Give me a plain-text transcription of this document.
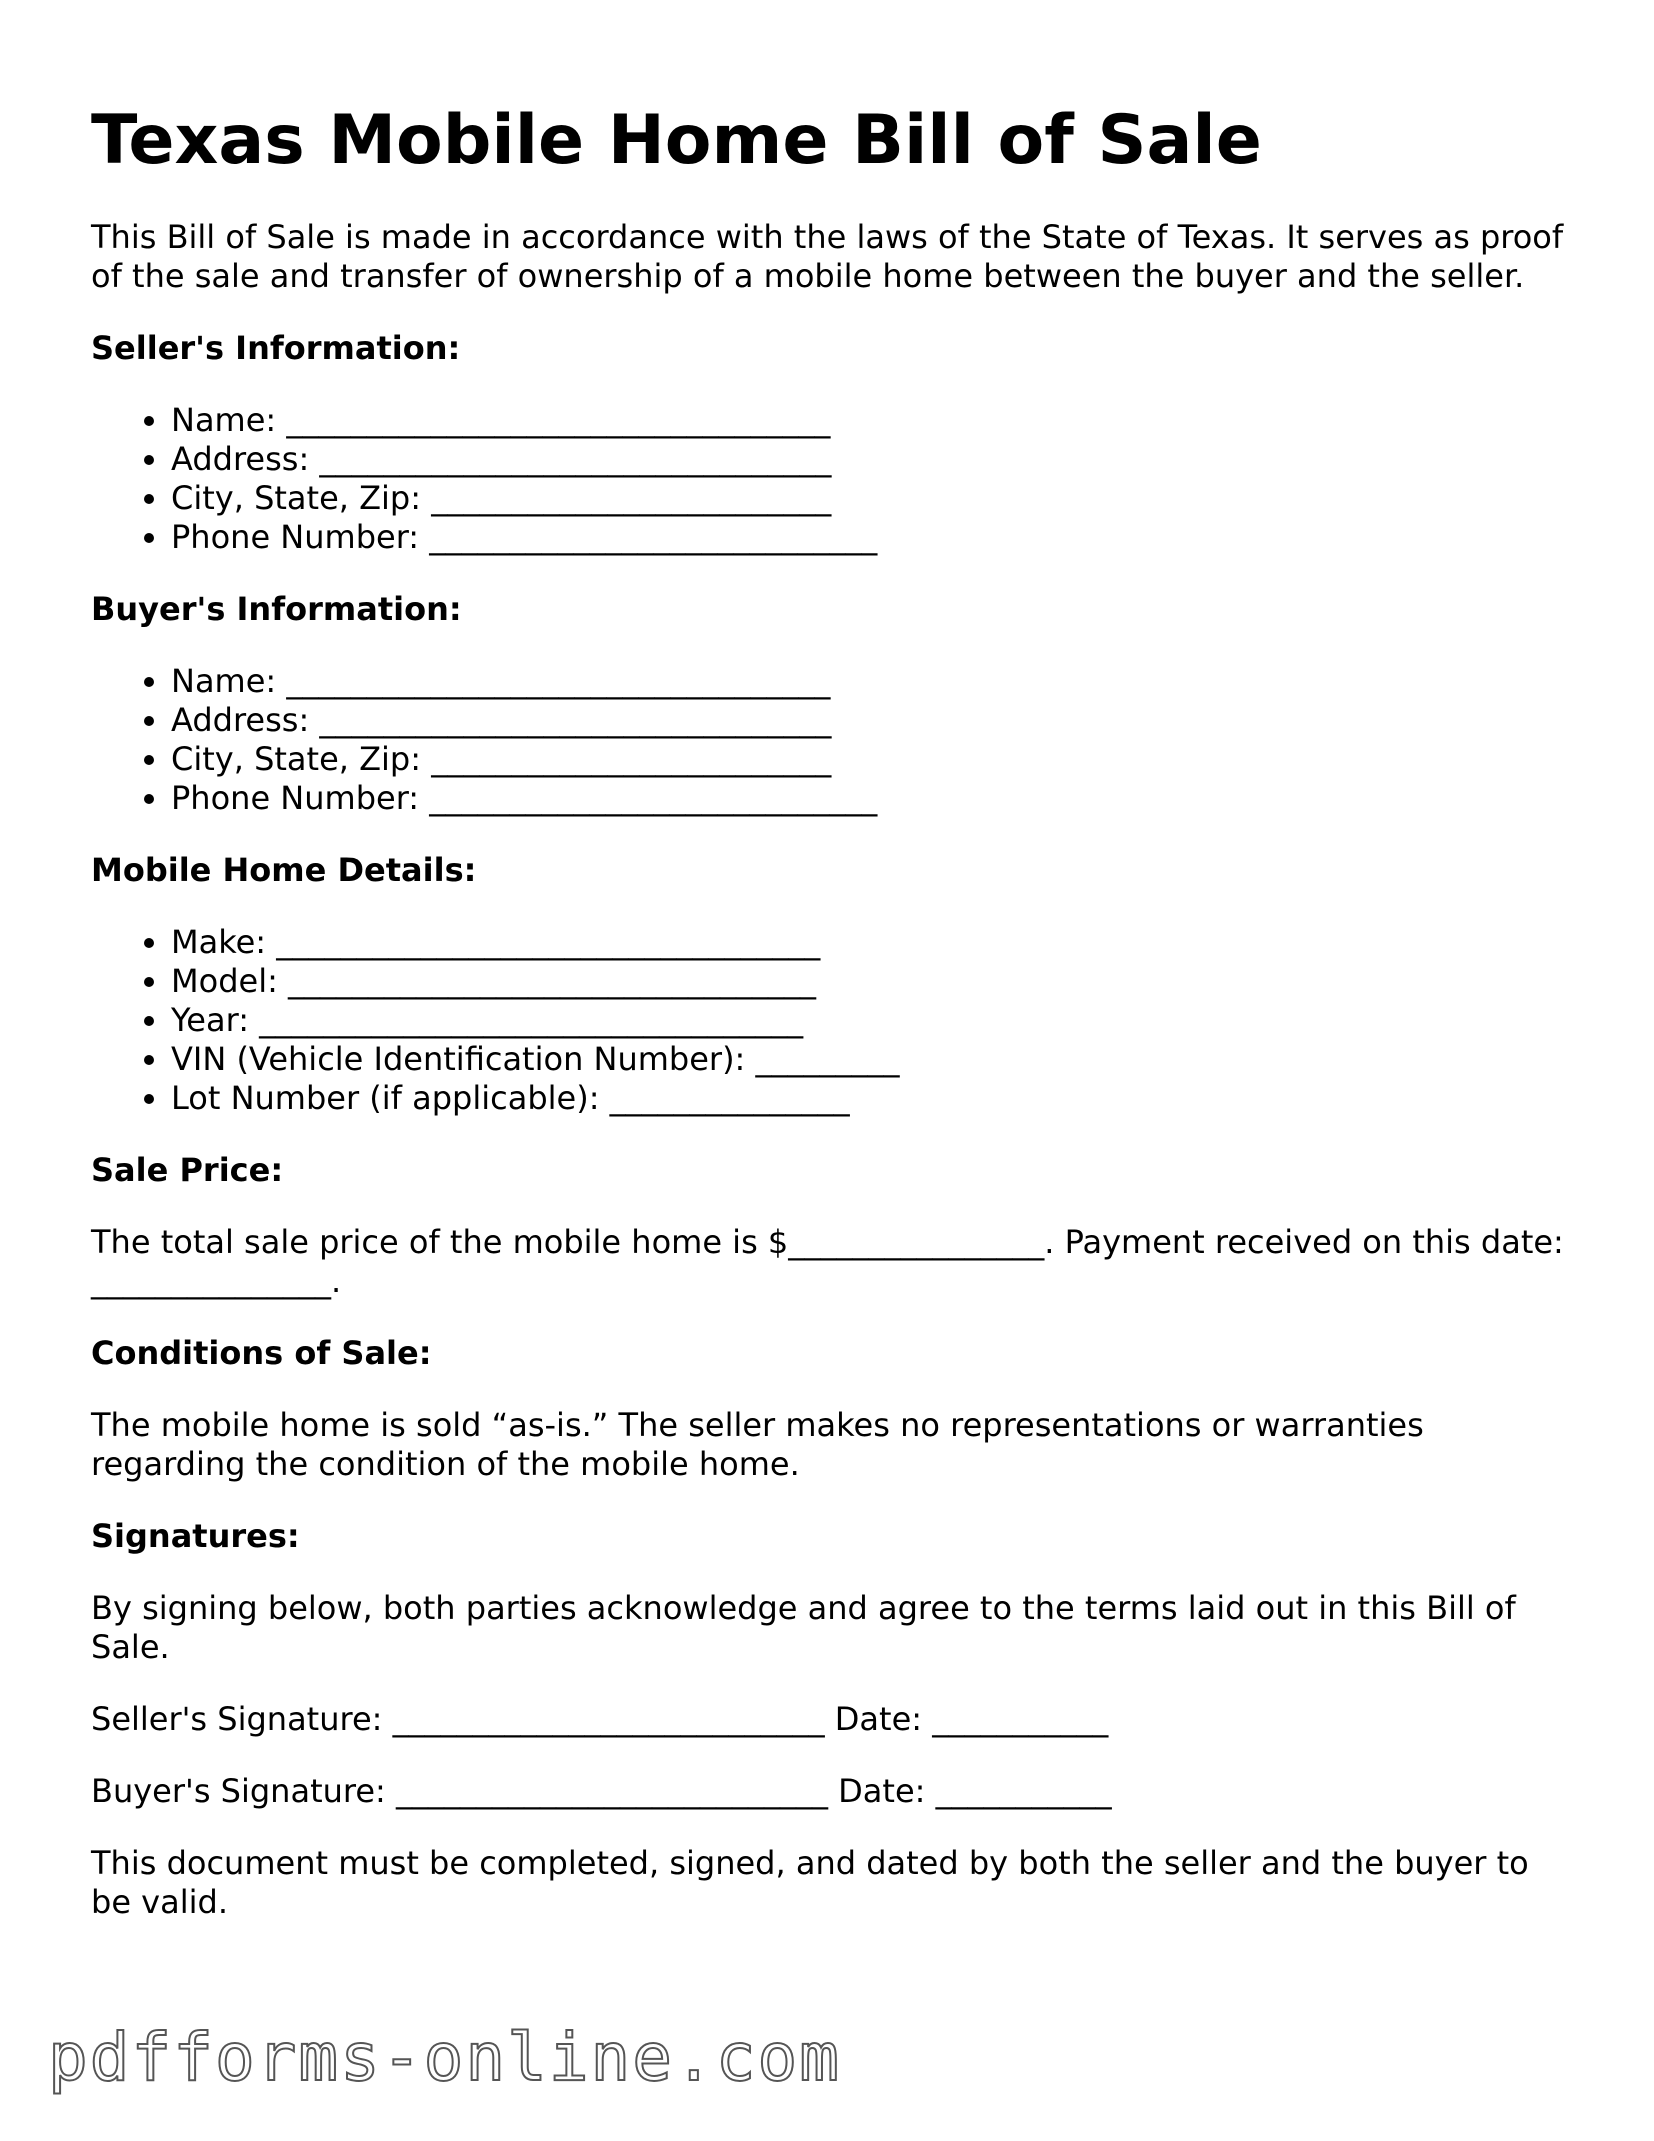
Texas Mobile Home Bill of Sale

This Bill of Sale is made in accordance with the laws of the State of Texas. It serves as proof of the sale and transfer of ownership of a mobile home between the buyer and the seller.

Seller's Information:
• Name: __________________________________
• Address: ________________________________
• City, State, Zip: _________________________
• Phone Number: ____________________________
Buyer's Information:
• Name: __________________________________
• Address: ________________________________
• City, State, Zip: _________________________
• Phone Number: ____________________________
Mobile Home Details:
• Make: __________________________________
• Model: _________________________________
• Year: __________________________________
• VIN (Vehicle Identification Number): _________
• Lot Number (if applicable): _______________
Sale Price:

The total sale price of the mobile home is $________________. Payment received on this date: _______________.

Conditions of Sale:

The mobile home is sold “as-is.” The seller makes no representations or warranties regarding the condition of the mobile home.

Signatures:

By signing below, both parties acknowledge and agree to the terms laid out in this Bill of Sale.

Seller's Signature: ___________________________ Date: ___________

Buyer's Signature: ___________________________ Date: ___________

This document must be completed, signed, and dated by both the seller and the buyer to be valid.

pdfforms-online.com
